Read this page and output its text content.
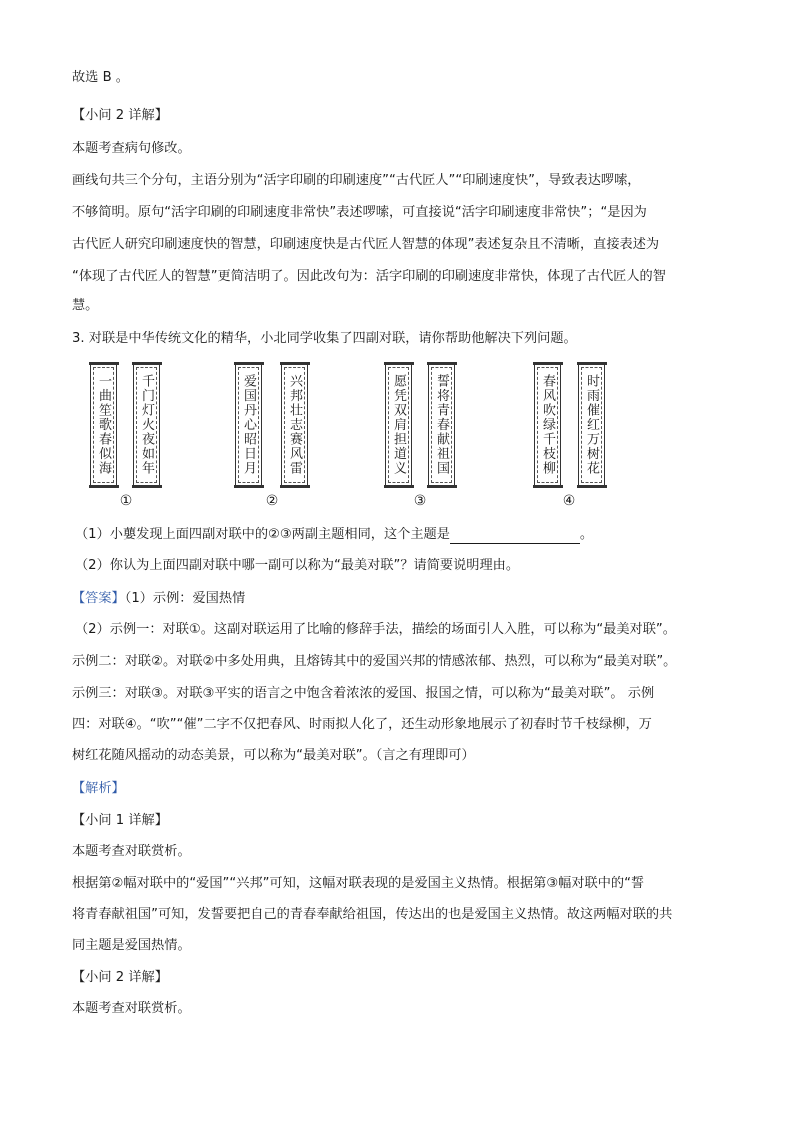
故选 B 。
【小问 2 详解】
本题考查病句修改。
画线句共三个分句，主语分别为“活字印刷的印刷速度”“古代匠人”“印刷速度快”，导致表达啰嗦，
不够简明。原句“活字印刷的印刷速度非常快”表述啰嗦，可直接说“活字印刷速度非常快”；“是因为
古代匠人研究印刷速度快的智慧，印刷速度快是古代匠人智慧的体现”表述复杂且不清晰，直接表述为
“体现了古代匠人的智慧”更简洁明了。因此改句为：活字印刷的印刷速度非常快，体现了古代匠人的智
慧。
3. 对联是中华传统文化的精华，小北同学收集了四副对联，请你帮助他解决下列问题。
一曲笙歌春似海	千门灯火夜如年
①
爱国丹心昭日月	兴邦壮志赛风雷
②
愿凭双肩担道义	誓将青春献祖国
③
春风吹绿千枝柳	时雨催红万树花
④
（1）小蘡发现上面四副对联中的②③两副主题相同，这个主题是	。
（2）你认为上面四副对联中哪一副可以称为“最美对联”？请简要说明理由。
【答案】（1）示例：爱国热情
（2）示例一：对联①。这副对联运用了比喻的修辞手法，描绘的场面引人入胜，可以称为“最美对联”。
示例二：对联②。对联②中多处用典，且熔铸其中的爱国兴邦的情感浓郁、热烈，可以称为“最美对联”。
示例三：对联③。对联③平实的语言之中饱含着浓浓的爱国、报国之情，可以称为“最美对联”。 示例
四：对联④。“吹”“催”二字不仅把春风、时雨拟人化了，还生动形象地展示了初春时节千枝绿柳，万
树红花随风摇动的动态美景，可以称为“最美对联”。（言之有理即可）
【解析】
【小问 1 详解】
本题考查对联赏析。
根据第②幅对联中的“爱国”“兴邦”可知，这幅对联表现的是爱国主义热情。根据第③幅对联中的“誓
将青春献祖国”可知，发誓要把自己的青春奉献给祖国，传达出的也是爱国主义热情。故这两幅对联的共
同主题是爱国热情。
【小问 2 详解】
本题考查对联赏析。
